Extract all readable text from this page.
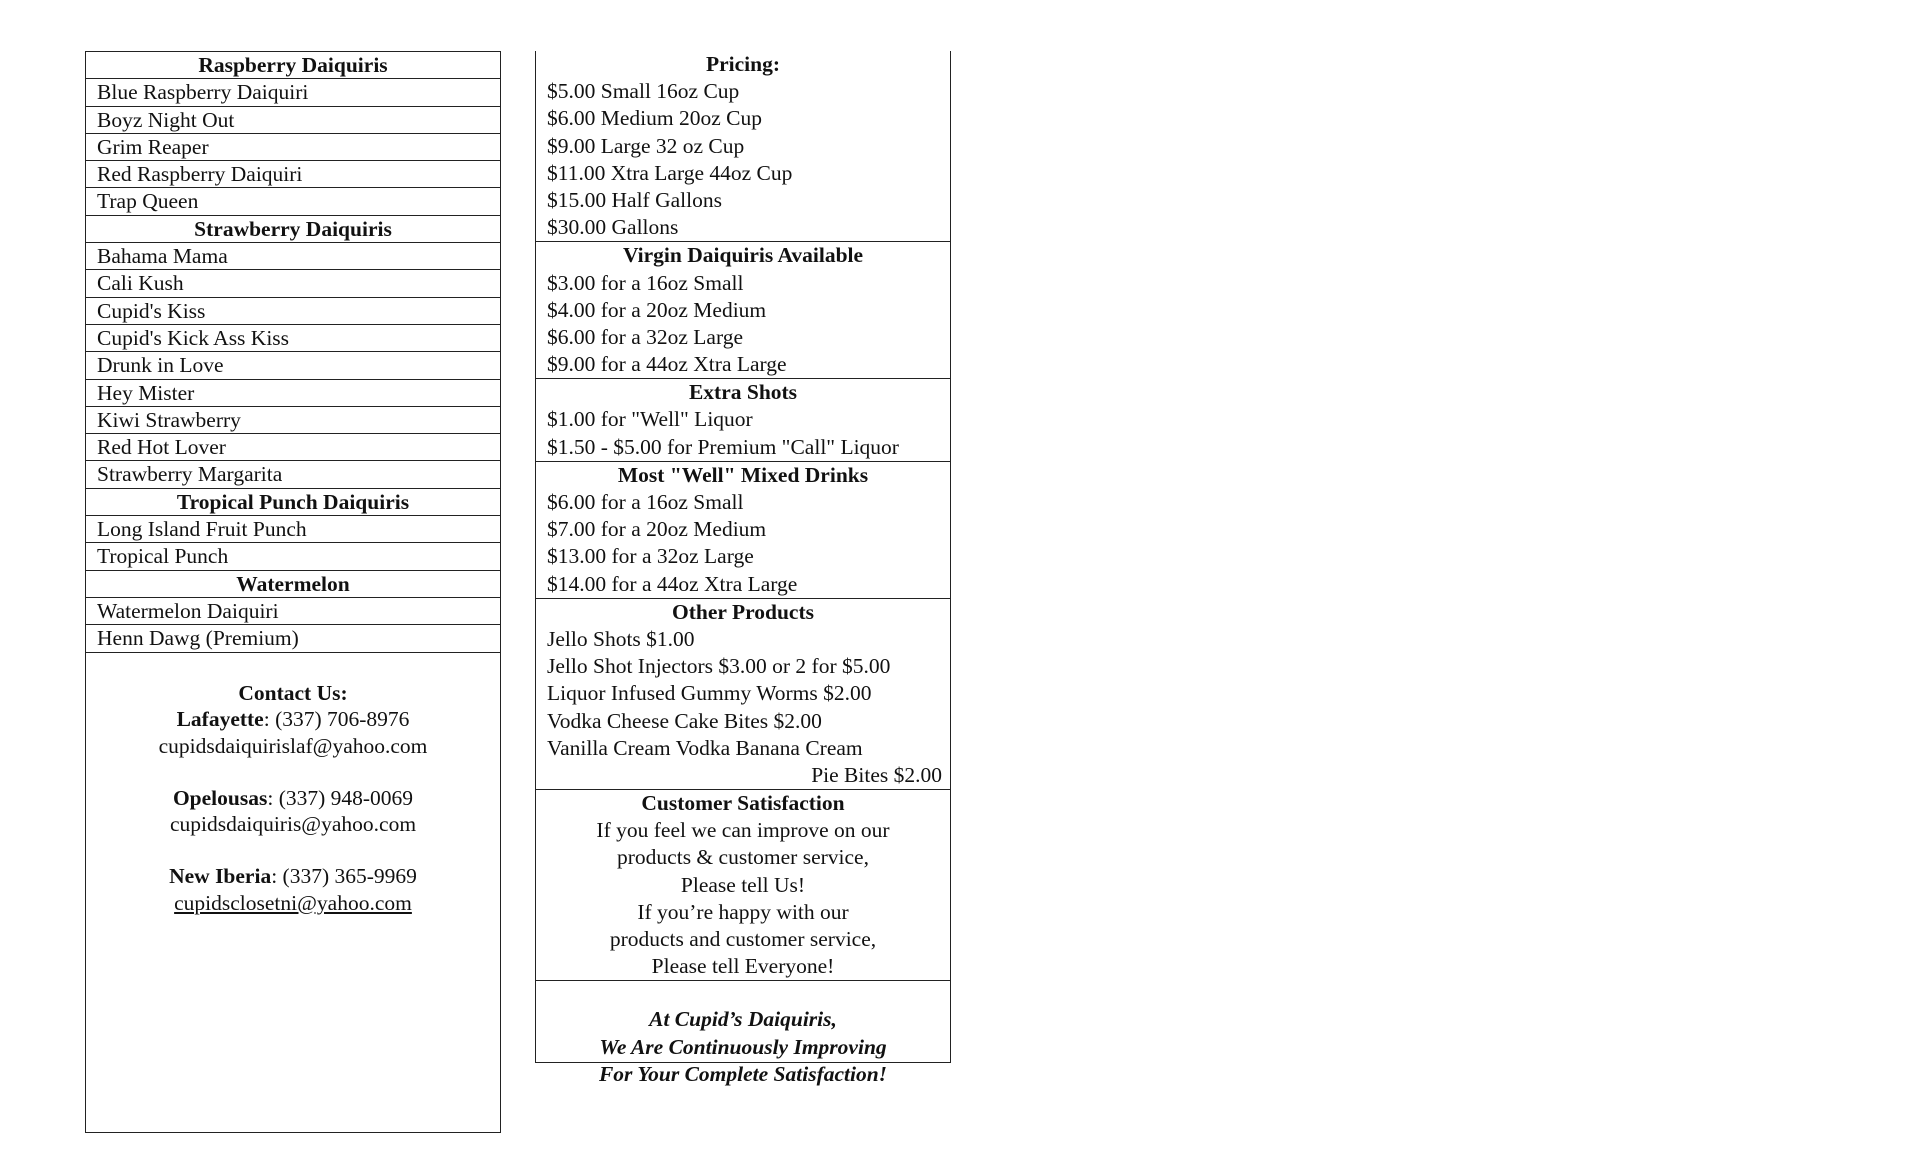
Raspberry Daiquiris
Blue Raspberry Daiquiri
Boyz Night Out
Grim Reaper
Red Raspberry Daiquiri
Trap Queen
Strawberry Daiquiris
Bahama Mama
Cali Kush
Cupid's Kiss
Cupid's Kick Ass Kiss
Drunk in Love
Hey Mister
Kiwi Strawberry
Red Hot Lover
Strawberry Margarita
Tropical Punch Daiquiris
Long Island Fruit Punch
Tropical Punch
Watermelon
Watermelon Daiquiri
Henn Dawg (Premium)
Contact Us:
Lafayette: (337) 706-8976
cupidsdaiquirislaf@yahoo.com
Opelousas: (337) 948-0069
cupidsdaiquiris@yahoo.com
New Iberia: (337) 365-9969
cupidsclosetni@yahoo.com
Pricing:
$5.00 Small 16oz Cup
$6.00 Medium 20oz Cup
$9.00 Large 32 oz Cup
$11.00 Xtra Large 44oz Cup
$15.00 Half Gallons
$30.00 Gallons
Virgin Daiquiris Available
$3.00 for a 16oz Small
$4.00 for a 20oz Medium
$6.00 for a 32oz Large
$9.00 for a 44oz Xtra Large
Extra Shots
$1.00 for "Well" Liquor
$1.50 - $5.00 for Premium "Call" Liquor
Most "Well" Mixed Drinks
$6.00 for a 16oz Small
$7.00 for a 20oz Medium
$13.00 for a 32oz Large
$14.00 for a 44oz Xtra Large
Other Products
Jello Shots $1.00
Jello Shot Injectors $3.00 or 2 for $5.00
Liquor Infused Gummy Worms $2.00
Vodka Cheese Cake Bites $2.00
Vanilla Cream Vodka Banana Cream
Pie Bites $2.00
Customer Satisfaction
If you feel we can improve on our
products & customer service,
Please tell Us!
If you’re happy with our
products and customer service,
Please tell Everyone!
At Cupid’s Daiquiris,
We Are Continuously Improving
For Your Complete Satisfaction!
